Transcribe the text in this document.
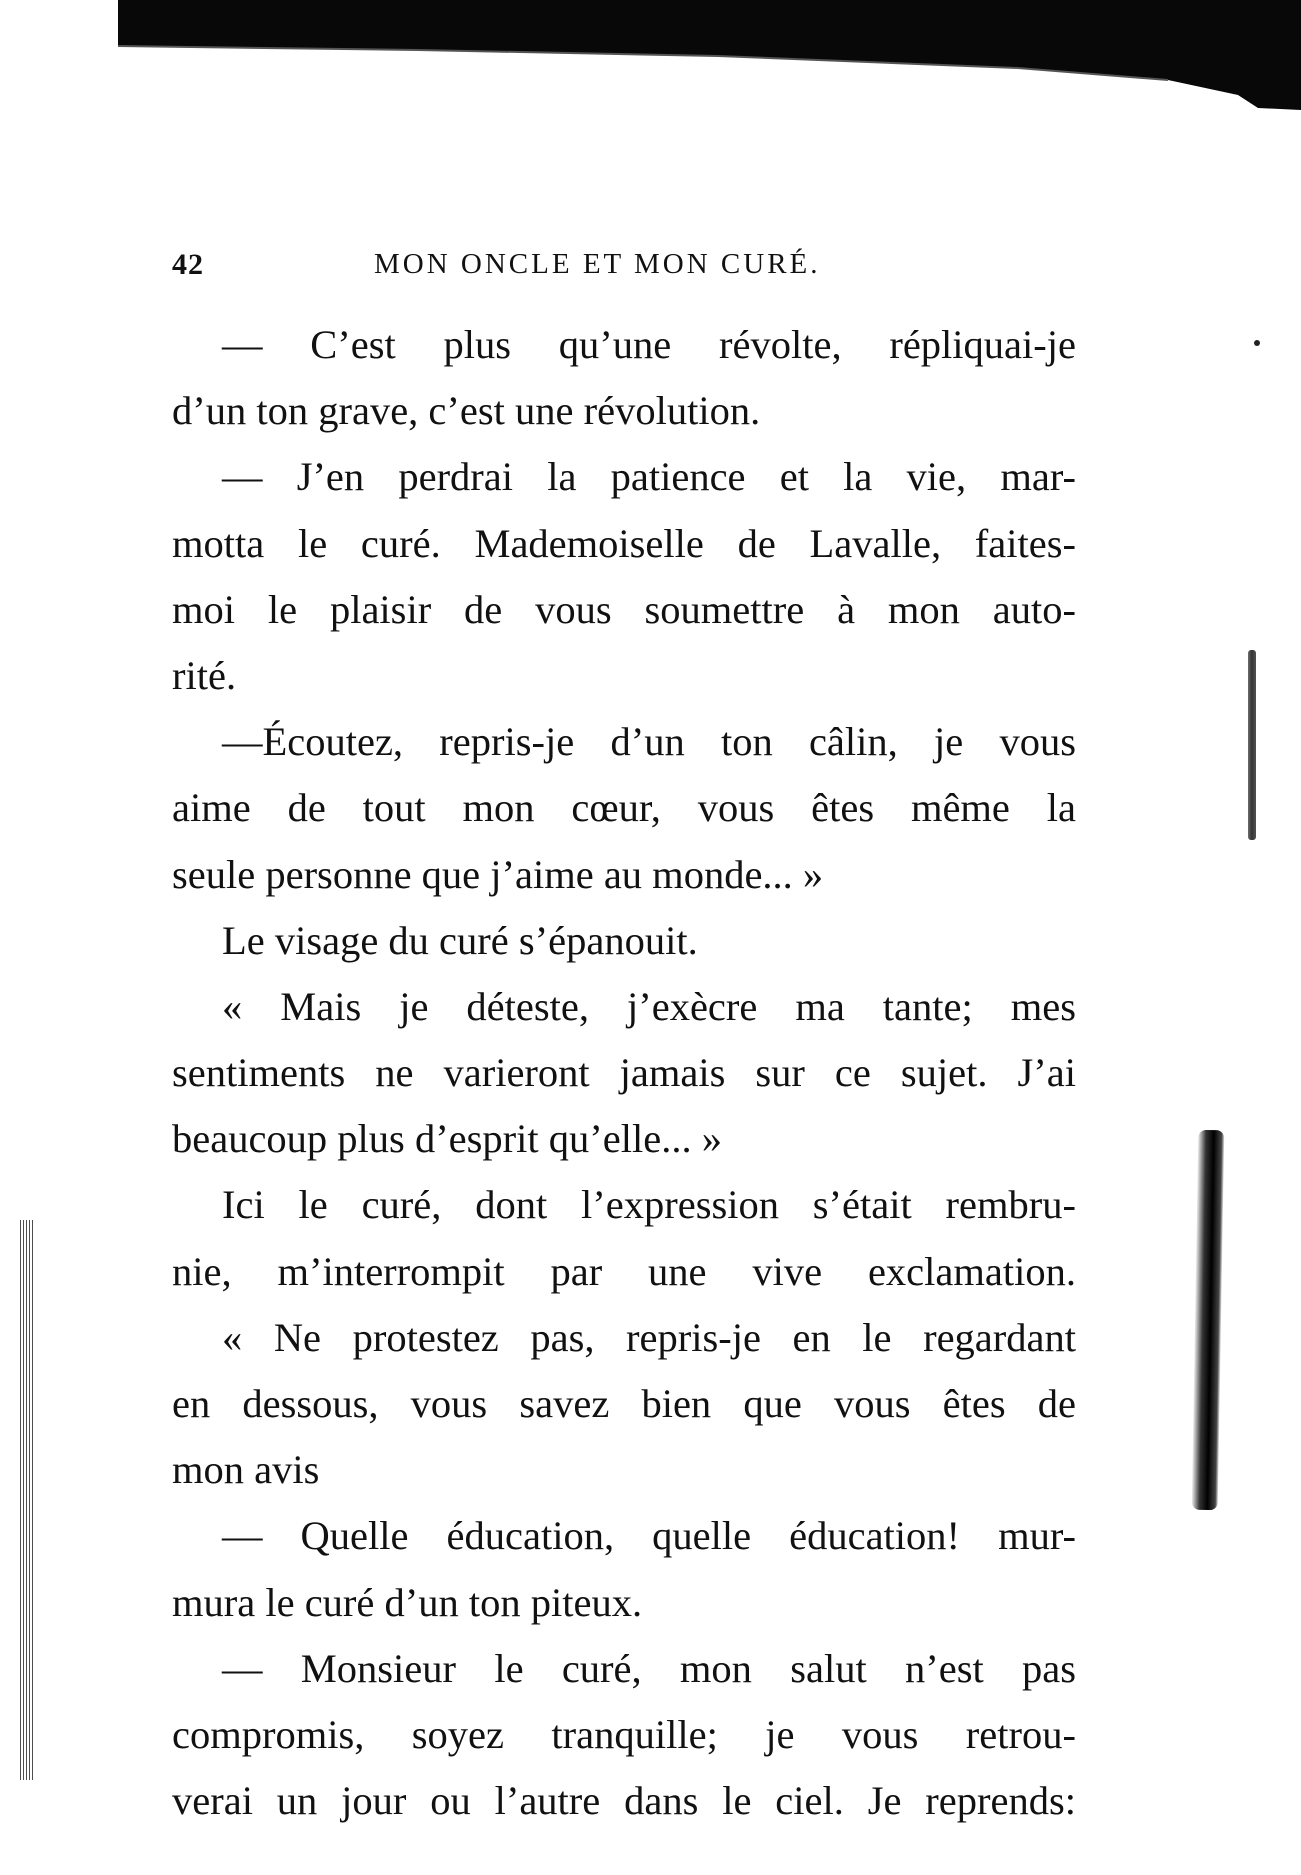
42	MON ONCLE ET MON CURÉ.
— C’est plus qu’une révolte, répliquai-je
d’un ton grave, c’est une révolution.
— J’en perdrai la patience et la vie, mar-
motta le curé. Mademoiselle de Lavalle, faites-
moi le plaisir de vous soumettre à mon auto-
rité.
—Écoutez, repris-je d’un ton câlin, je vous
aime de tout mon cœur, vous êtes même la
seule personne que j’aime au monde... »
Le visage du curé s’épanouit.
« Mais je déteste, j’exècre ma tante; mes
sentiments ne varieront jamais sur ce sujet. J’ai
beaucoup plus d’esprit qu’elle... »
Ici le curé, dont l’expression s’était rembru-
nie, m’interrompit par une vive exclamation.
« Ne protestez pas, repris-je en le regardant
en dessous, vous savez bien que vous êtes de
mon avis
— Quelle éducation, quelle éducation! mur-
mura le curé d’un ton piteux.
— Monsieur le curé, mon salut n’est pas
compromis, soyez tranquille; je vous retrou-
verai un jour ou l’autre dans le ciel. Je reprends:
